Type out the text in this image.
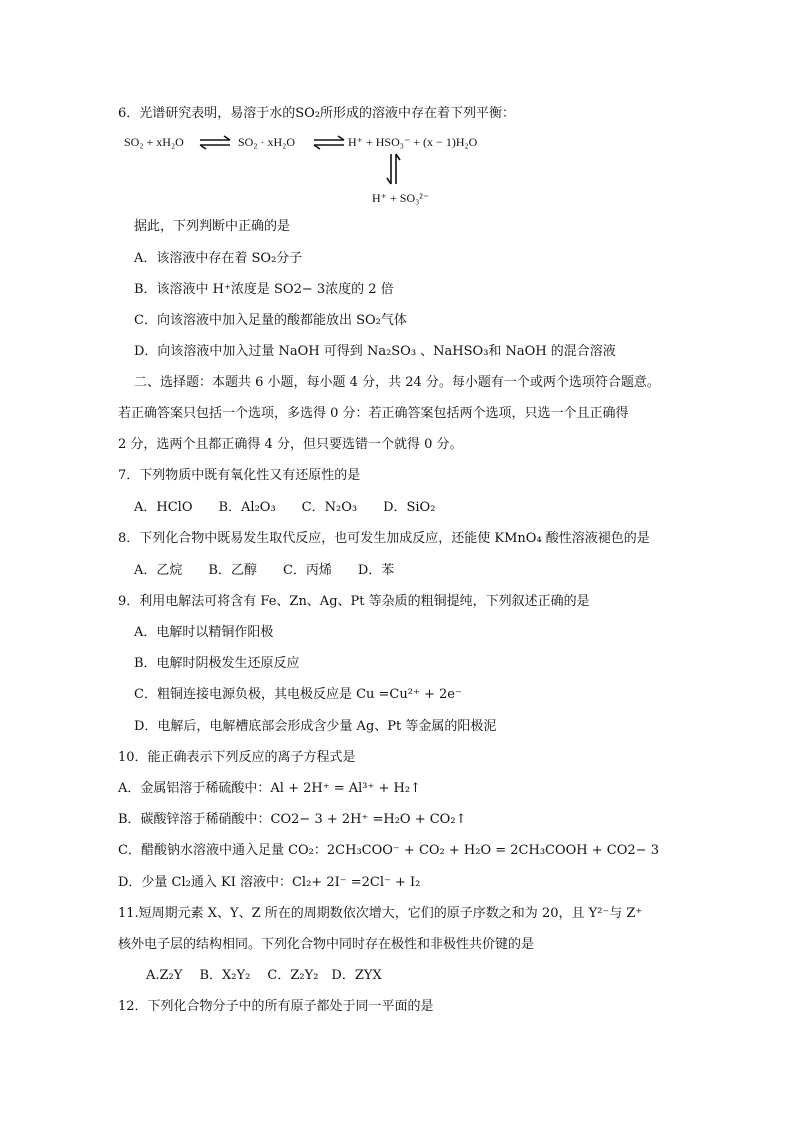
6．光谱研究表明，易溶于水的SO₂所形成的溶液中存在着下列平衡：
SO₂ + xH₂O	SO₂ · xH₂O	H⁺ + HSO₃⁻ + (x − 1)H₂O
H⁺ + SO₃²⁻
据此，下列判断中正确的是
A．该溶液中存在着 SO₂分子
B．该溶液中 H⁺浓度是 SO2− 3浓度的 2 倍
C．向该溶液中加入足量的酸都能放出 SO₂气体
D．向该溶液中加入过量 NaOH 可得到 Na₂SO₃ 、NaHSO₃和 NaOH 的混合溶液
二、选择题：本题共 6 小题，每小题 4 分，共 24 分。每小题有一个或两个选项符合题意。
若正确答案只包括一个选项，多选得 0 分：若正确答案包括两个选项，只选一个且正确得
2 分，选两个且都正确得 4 分，但只要选错一个就得 0 分。
7．下列物质中既有氧化性又有还原性的是
A．HClO　　B．Al₂O₃　　C．N₂O₃　　D．SiO₂
8．下列化合物中既易发生取代反应，也可发生加成反应，还能使 KMnO₄ 酸性溶液褪色的是
A．乙烷　　B．乙醇　　C．丙烯　　D．苯
9．利用电解法可将含有 Fe、Zn、Ag、Pt 等杂质的粗铜提纯，下列叙述正确的是
A．电解时以精铜作阳极
B．电解时阴极发生还原反应
C．粗铜连接电源负极，其电极反应是 Cu =Cu²⁺ + 2e⁻
D．电解后，电解槽底部会形成含少量 Ag、Pt 等金属的阳极泥
10．能正确表示下列反应的离子方程式是
A．金属铝溶于稀硫酸中：Al + 2H⁺ = Al³⁺ + H₂↑
B．碳酸锌溶于稀硝酸中：CO2− 3 + 2H⁺ =H₂O + CO₂↑
C．醋酸钠水溶液中通入足量 CO₂：2CH₃COO⁻ + CO₂ + H₂O = 2CH₃COOH + CO2− 3
D．少量 Cl₂通入 KI 溶液中：Cl₂+ 2I⁻ =2Cl⁻ + I₂
11.短周期元素 X、Y、Z 所在的周期数依次增大，它们的原子序数之和为 20，且 Y²⁻与 Z⁺
核外电子层的结构相同。下列化合物中同时存在极性和非极性共价键的是
A.Z₂Y　 B．X₂Y₂　 C．Z₂Y₂　D．ZYX
12．下列化合物分子中的所有原子都处于同一平面的是
